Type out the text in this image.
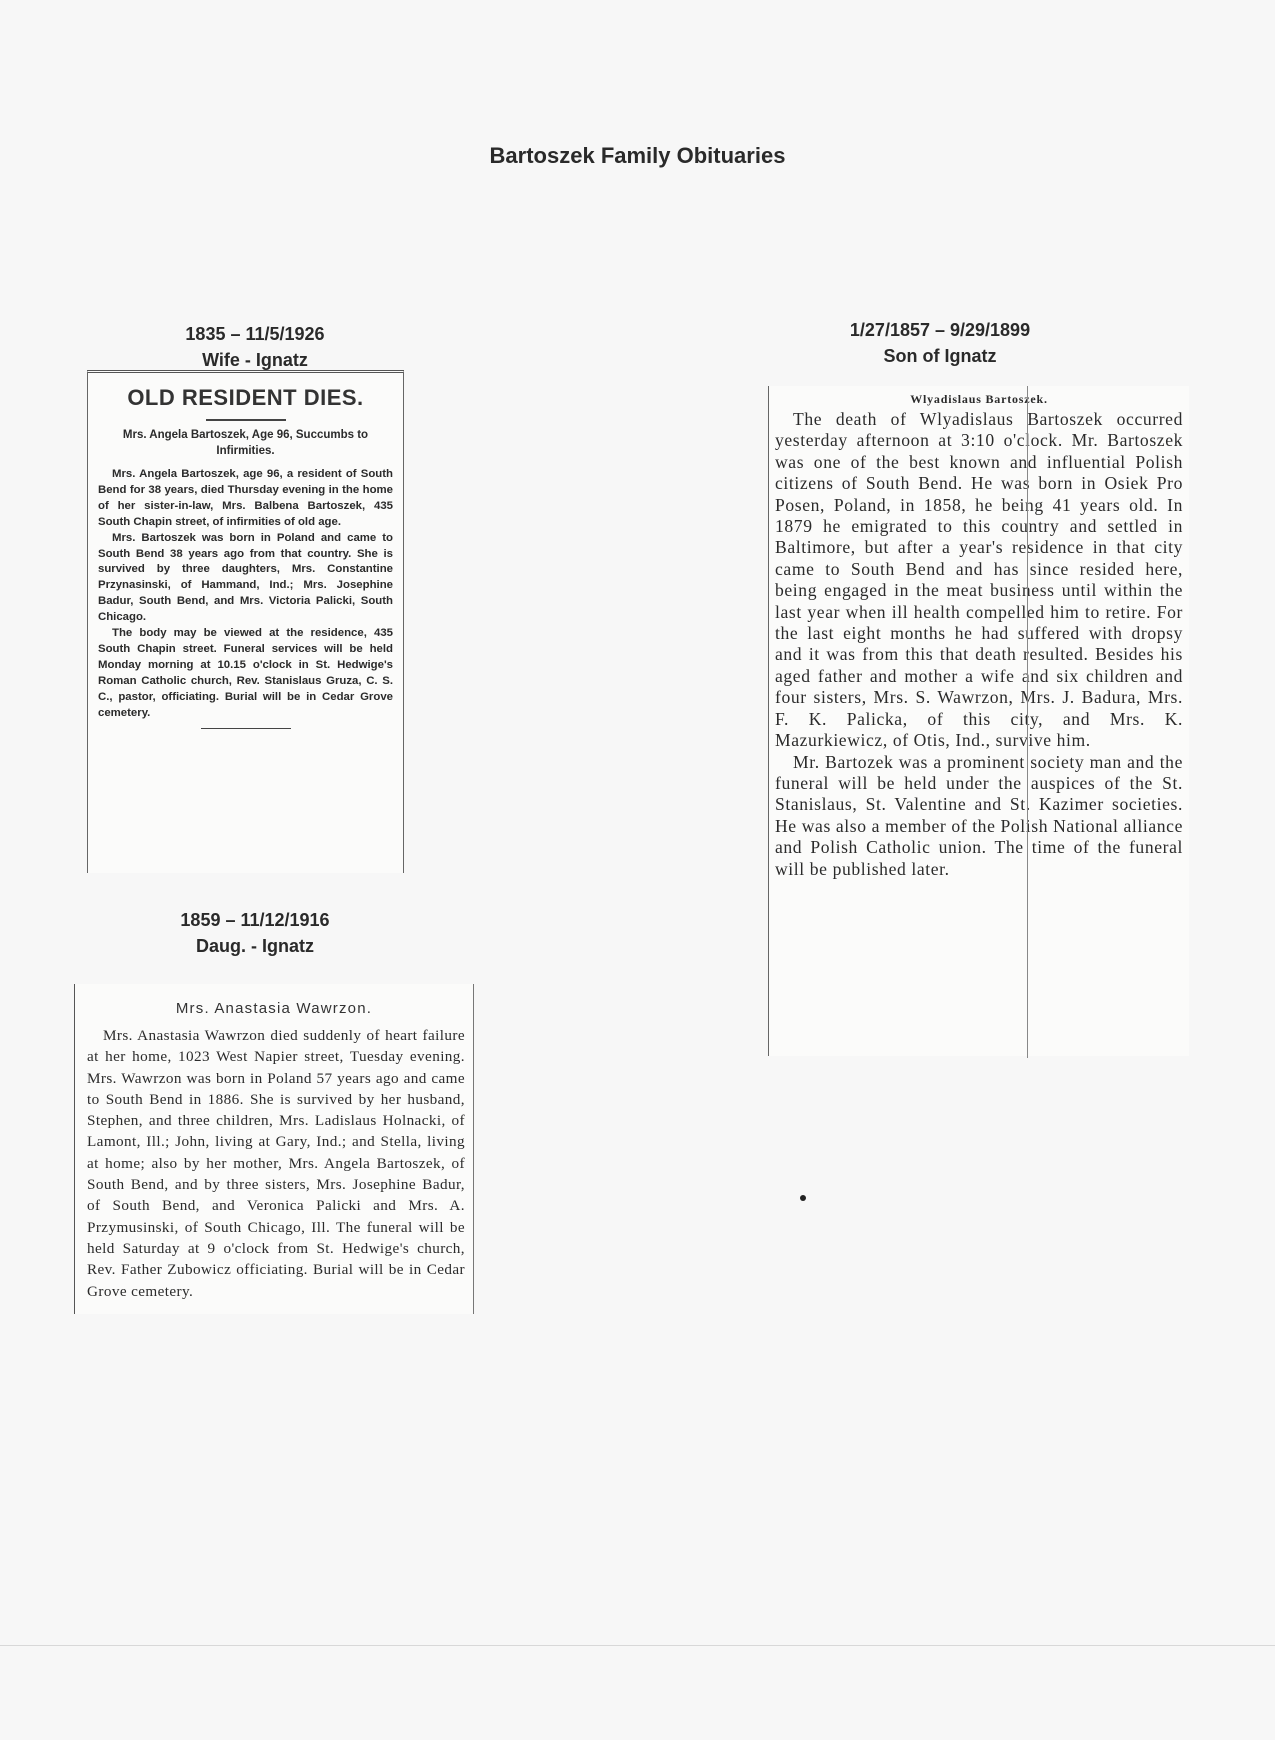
Bartoszek Family Obituaries
1835 – 11/5/1926
Wife - Ignatz
OLD RESIDENT DIES.
Mrs. Angela Bartoszek, Age 96, Succumbs to Infirmities.

Mrs. Angela Bartoszek, age 96, a resident of South Bend for 38 years, died Thursday evening in the home of her sister-in-law, Mrs. Balbena Bartoszek, 435 South Chapin street, of infirmities of old age.

Mrs. Bartoszek was born in Poland and came to South Bend 38 years ago from that country. She is survived by three daughters, Mrs. Constantine Przynasinski, of Hammand, Ind.; Mrs. Josephine Badur, South Bend, and Mrs. Victoria Palicki, South Chicago.

The body may be viewed at the residence, 435 South Chapin street. Funeral services will be held Monday morning at 10.15 o'clock in St. Hedwige's Roman Catholic church, Rev. Stanislaus Gruza, C. S. C., pastor, officiating. Burial will be in Cedar Grove cemetery.

1859 – 11/12/1916
Daug. - Ignatz
Mrs. Anastasia Wawrzon.

Mrs. Anastasia Wawrzon died suddenly of heart failure at her home, 1023 West Napier street, Tuesday evening. Mrs. Wawrzon was born in Poland 57 years ago and came to South Bend in 1886. She is survived by her husband, Stephen, and three children, Mrs. Ladislaus Holnacki, of Lamont, Ill.; John, living at Gary, Ind.; and Stella, living at home; also by her mother, Mrs. Angela Bartoszek, of South Bend, and by three sisters, Mrs. Josephine Badur, of South Bend, and Veronica Palicki and Mrs. A. Przymusinski, of South Chicago, Ill. The funeral will be held Saturday at 9 o'clock from St. Hedwige's church, Rev. Father Zubowicz officiating. Burial will be in Cedar Grove cemetery.

1/27/1857 – 9/29/1899
Son of Ignatz
Wlyadislaus Bartoszek.

The death of Wlyadislaus Bartoszek occurred yesterday afternoon at 3:10 o'clock. Mr. Bartoszek was one of the best known and influential Polish citizens of South Bend. He was born in Osiek Pro Posen, Poland, in 1858, he being 41 years old. In 1879 he emigrated to this country and settled in Baltimore, but after a year's residence in that city came to South Bend and has since resided here, being engaged in the meat business until within the last year when ill health compelled him to retire. For the last eight months he had suffered with dropsy and it was from this that death resulted. Besides his aged father and mother a wife and six children and four sisters, Mrs. S. Wawrzon, Mrs. J. Badura, Mrs. F. K. Palicka, of this city, and Mrs. K. Mazurkiewicz, of Otis, Ind., survive him.

Mr. Bartozek was a prominent society man and the funeral will be held under the auspices of the St. Stanislaus, St. Valentine and St. Kazimer societies. He was also a member of the Polish National alliance and Polish Catholic union. The time of the funeral will be published later.
